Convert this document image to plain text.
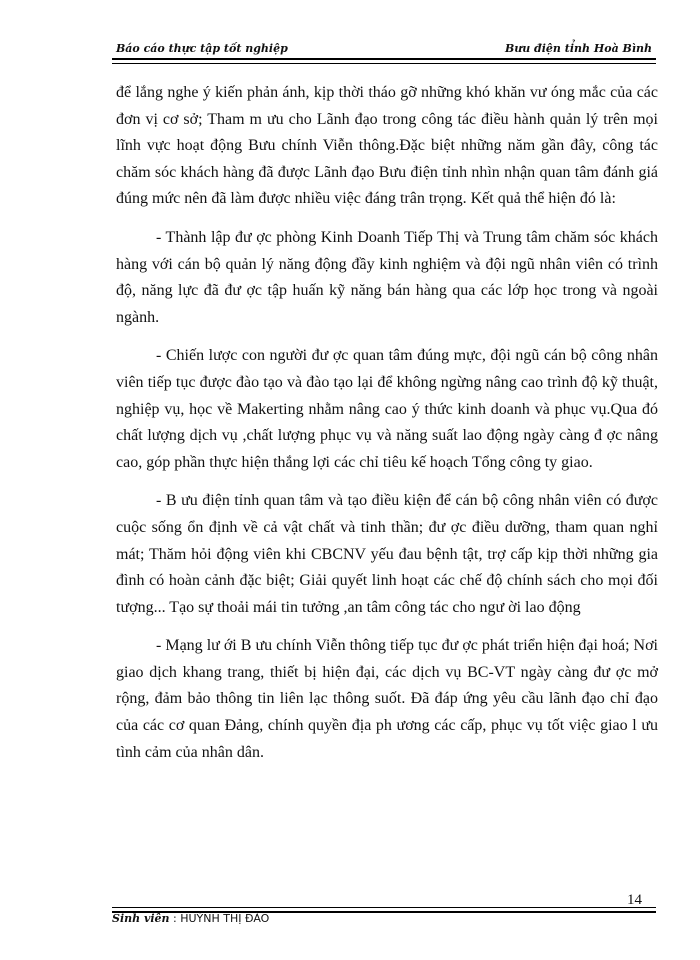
Báo cáo thực tập tốt nghiệp	Bưu điện tỉnh Hoà Bình

để lắng nghe ý kiến phản ánh, kịp thời tháo gỡ những khó khăn vư óng mắc của các đơn vị cơ sở; Tham m ưu cho Lãnh đạo trong công tác điều hành quản lý trên mọi lĩnh vực hoạt động Bưu chính Viễn thông.Đặc biệt những năm gần đây, công tác chăm sóc khách hàng đã được Lãnh đạo Bưu điện tỉnh nhìn nhận quan tâm đánh giá đúng mức nên đã làm được nhiều việc đáng trân trọng. Kết quả thể hiện đó là:

- Thành lập đư ợc phòng Kinh Doanh Tiếp Thị và Trung tâm chăm sóc khách hàng với cán bộ quản lý năng động đầy kinh nghiệm và đội ngũ nhân viên có trình độ, năng lực đã đư ợc tập huấn kỹ năng bán hàng qua các lớp học trong và ngoài ngành.

- Chiến lược con người đư ợc quan tâm đúng mực, đội ngũ cán bộ công nhân viên tiếp tục được đào tạo và đào tạo lại để không ngừng nâng cao trình độ kỹ thuật, nghiệp vụ, học về Makerting nhằm nâng cao ý thức kinh doanh và phục vụ.Qua đó chất lượng dịch vụ ,chất lượng phục vụ và năng suất lao động ngày càng đ ợc nâng cao, góp phần thực hiện thắng lợi các chỉ tiêu kế hoạch Tổng công ty giao.

- B ưu điện tỉnh quan tâm và tạo điều kiện để cán bộ công nhân viên có được cuộc sống ổn định về cả vật chất và tinh thần; đư ợc điều dưỡng, tham quan nghỉ mát; Thăm hỏi động viên khi CBCNV yếu đau bệnh tật, trợ cấp kịp thời những gia đình có hoàn cảnh đặc biệt; Giải quyết linh hoạt các chế độ chính sách cho mọi đối tượng... Tạo sự thoải mái tin tưởng ,an tâm công tác cho ngư ời lao động

- Mạng lư ới B ưu chính Viễn thông tiếp tục đư ợc phát triển hiện đại hoá; Nơi giao dịch khang trang, thiết bị hiện đại, các dịch vụ BC-VT ngày càng đư ợc mở rộng, đảm bảo thông tin liên lạc thông suốt. Đã đáp ứng yêu cầu lãnh đạo chỉ đạo của các cơ quan Đảng, chính quyền địa ph ương các cấp, phục vụ tốt việc giao l ưu tình cảm của nhân dân.

14
Sinh viên : HUỲNH THỊ ĐÀO
